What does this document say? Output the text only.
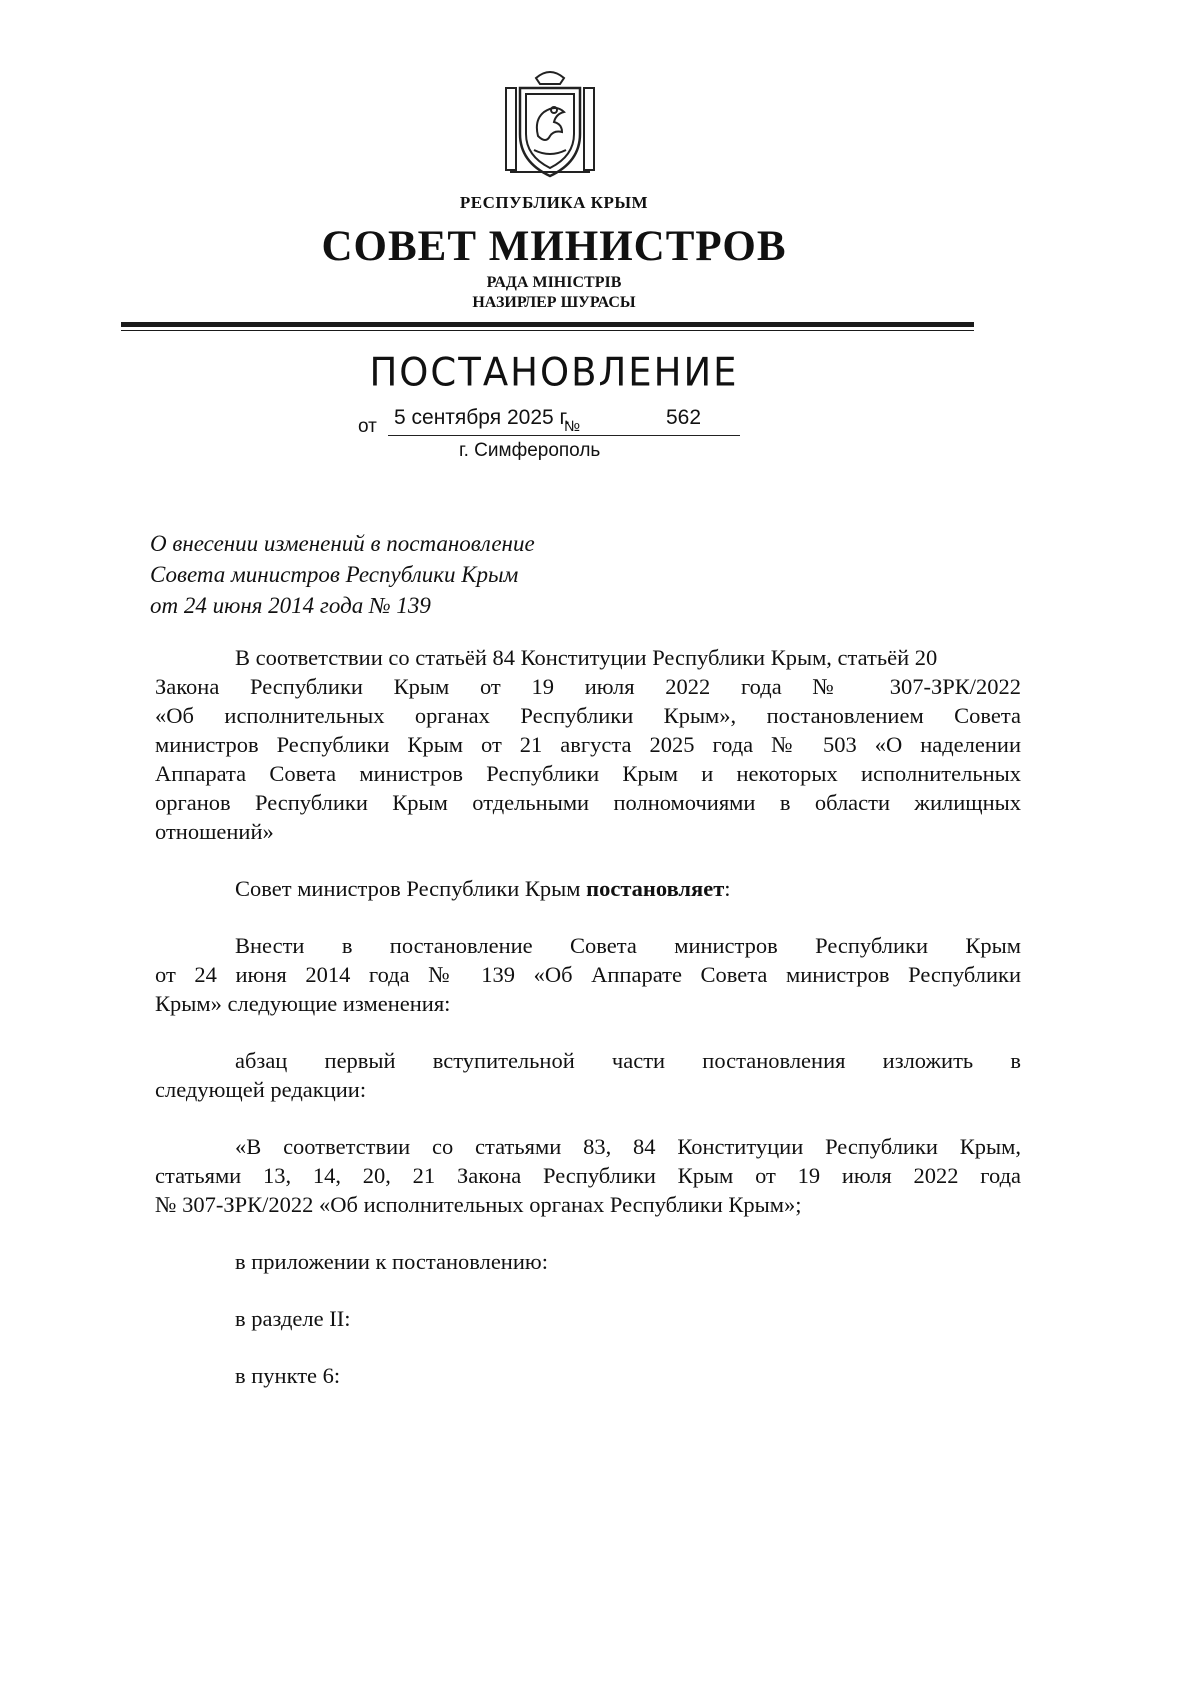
РЕСПУБЛИКА КРЫМ
СОВЕТ МИНИСТРОВ
РАДА МІНІСТРІВ
НАЗИРЛЕР ШУРАСЫ
ПОСТАНОВЛЕНИЕ
от 5 сентября 2025 г.
№	562
г. Симферополь
О внесении изменений в постановление
Совета министров Республики Крым
от 24 июня 2014 года № 139
В соответствии со статьёй 84 Конституции Республики Крым, статьёй 20
Закона Республики Крым от 19 июля 2022 года № 307-ЗРК/2022
«Об исполнительных органах Республики Крым», постановлением Совета
министров Республики Крым от 21 августа 2025 года № 503 «О наделении
Аппарата Совета министров Республики Крым и некоторых исполнительных
органов Республики Крым отдельными полномочиями в области жилищных
отношений»
Совет министров Республики Крым постановляет:
Внести в постановление Совета министров Республики Крым
от 24 июня 2014 года № 139 «Об Аппарате Совета министров Республики
Крым» следующие изменения:
абзац первый вступительной части постановления изложить в
следующей редакции:
«В соответствии со статьями 83, 84 Конституции Республики Крым,
статьями 13, 14, 20, 21 Закона Республики Крым от 19 июля 2022 года
№ 307-ЗРК/2022 «Об исполнительных органах Республики Крым»;
в приложении к постановлению:
в разделе II:
в пункте 6:
